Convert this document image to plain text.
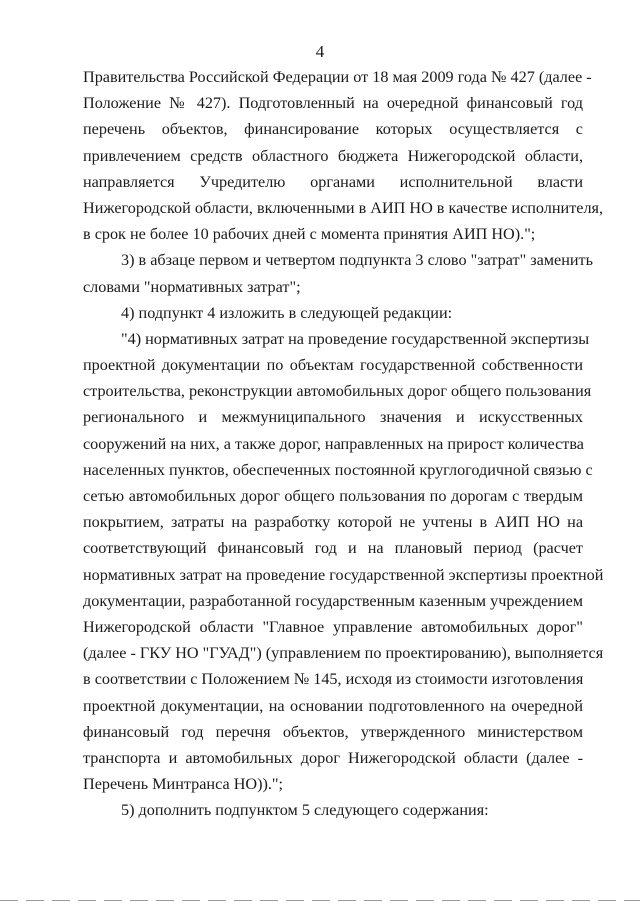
4
Правительства Российской Федерации от 18 мая 2009 года № 427 (далее -
Положение № 427). Подготовленный на очередной финансовый год
перечень объектов, финансирование которых осуществляется с
привлечением средств областного бюджета Нижегородской области,
направляется Учредителю органами исполнительной власти
Нижегородской области, включенными в АИП НО в качестве исполнителя,
в срок не более 10 рабочих дней с момента принятия АИП НО).";
3) в абзаце первом и четвертом подпункта 3 слово "затрат" заменить
словами "нормативных затрат";
4) подпункт 4 изложить в следующей редакции:
"4) нормативных затрат на проведение государственной экспертизы
проектной документации по объектам государственной собственности
строительства, реконструкции автомобильных дорог общего пользования
регионального и межмуниципального значения и искусственных
сооружений на них, а также дорог, направленных на прирост количества
населенных пунктов, обеспеченных постоянной круглогодичной связью с
сетью автомобильных дорог общего пользования по дорогам с твердым
покрытием, затраты на разработку которой не учтены в АИП НО на
соответствующий финансовый год и на плановый период (расчет
нормативных затрат на проведение государственной экспертизы проектной
документации, разработанной государственным казенным учреждением
Нижегородской области "Главное управление автомобильных дорог"
(далее - ГКУ НО "ГУАД") (управлением по проектированию), выполняется
в соответствии с Положением № 145, исходя из стоимости изготовления
проектной документации, на основании подготовленного на очередной
финансовый год перечня объектов, утвержденного министерством
транспорта и автомобильных дорог Нижегородской области (далее -
Перечень Минтранса НО)).";
5) дополнить подпунктом 5 следующего содержания:
